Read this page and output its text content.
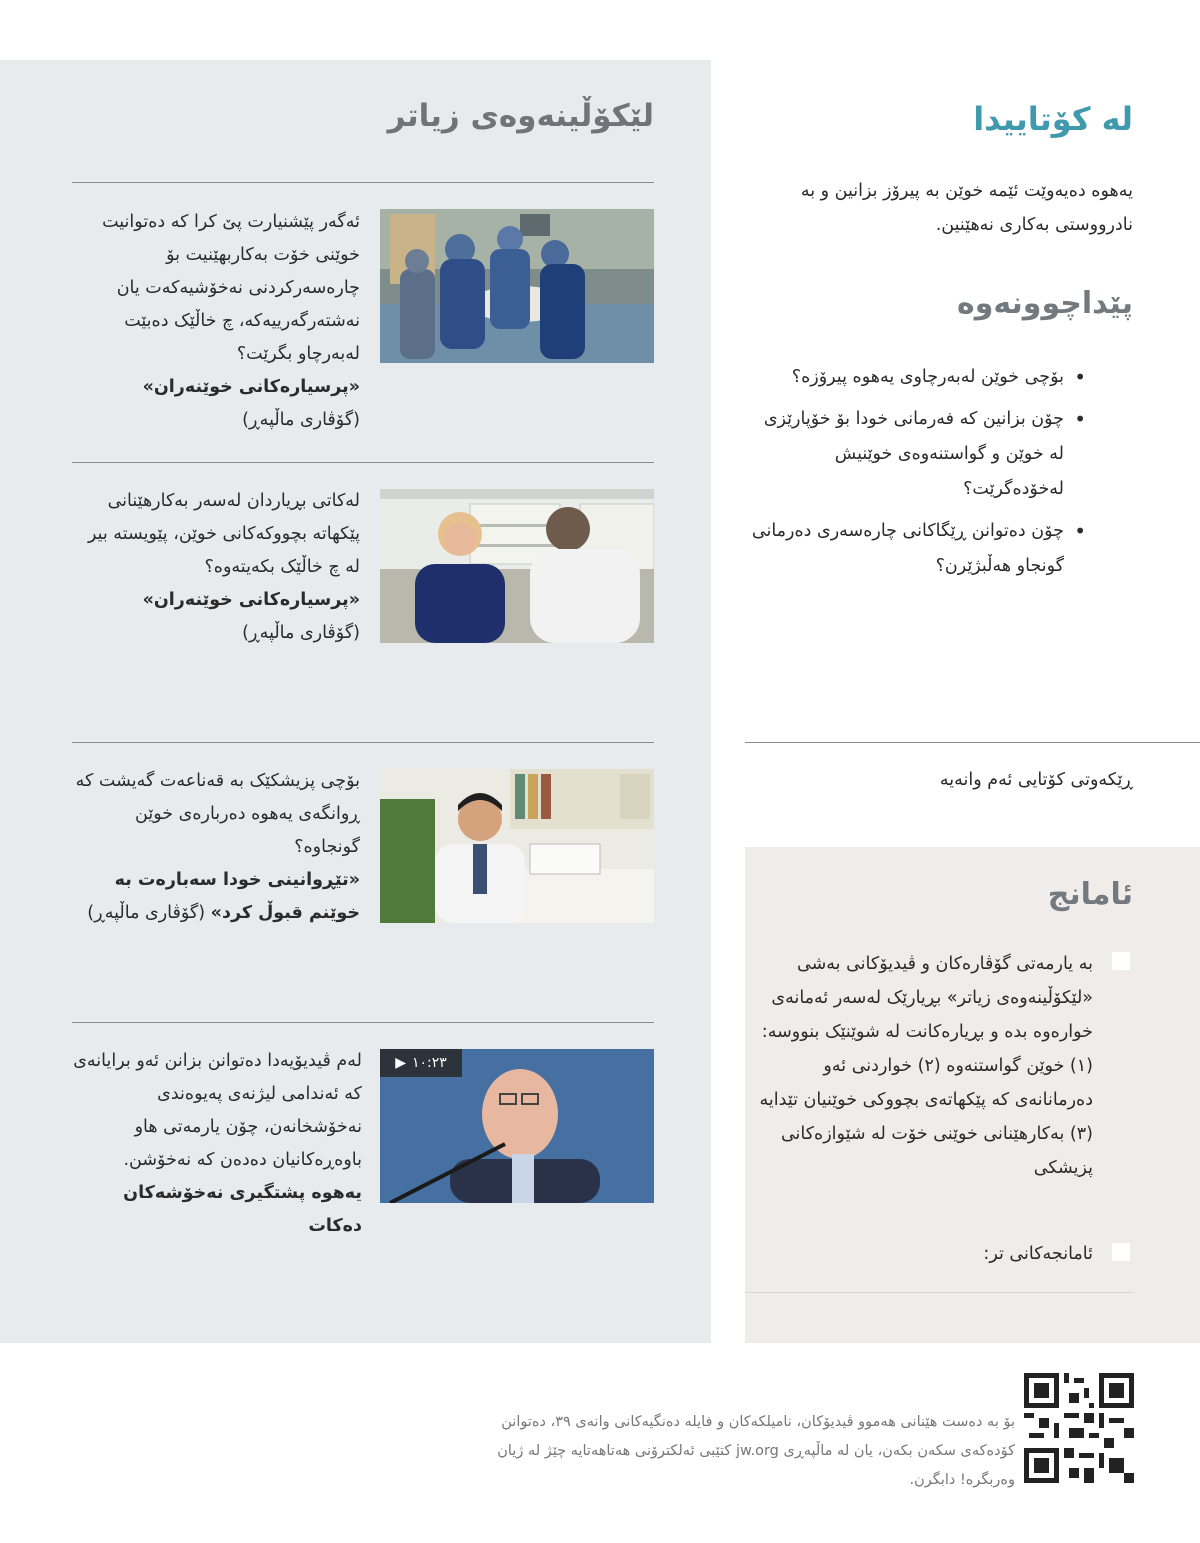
لێکۆڵینەوەی زیاتر
ئەگەر پێشنیارت پێ کرا کە دەتوانیت خوێنی خۆت بەکاربهێنیت بۆ چارەسەرکردنی نەخۆشیەکەت یان نەشتەرگەرییەکە، چ خاڵێک دەبێت لەبەرچاو بگرێت؟
«پرسیارەکانی خوێنەران»
(گۆڤاری ماڵپەڕ)
لەکاتی بڕیاردان لەسەر بەکارهێنانی پێکهاتە بچووکەکانی خوێن، پێویستە بیر لە چ خاڵێک بکەیتەوە؟
«پرسیارەکانی خوێنەران»
(گۆڤاری ماڵپەڕ)
بۆچی پزیشکێک بە قەناعەت گەیشت کە ڕوانگەی یەهوە دەربارەی خوێن گونجاوە؟
«تێڕوانینی خودا سەبارەت بە خوێنم قبوڵ کرد» (گۆڤاری ماڵپەڕ)
▶ ١٠:٢٣
لەم ڤیدیۆیەدا دەتوانن بزانن ئەو برایانەی کە ئەندامی لیژنەی پەیوەندی نەخۆشخانەن، چۆن یارمەتی هاو باوەڕەکانیان دەدەن کە نەخۆشن.
یەهوە پشتگیری نەخۆشەکان دەکات
لە کۆتاییدا
یەهوە دەیەوێت ئێمە خوێن بە پیرۆز بزانین و بە نادرووستی بەکاری نەهێنین.
پێداچوونەوە
• بۆچی خوێن لەبەرچاوی یەهوە پیرۆزە؟
• چۆن بزانین کە فەرمانی خودا بۆ خۆپارێزی لە خوێن و گواستنەوەی خوێنیش لەخۆدەگرێت؟
• چۆن دەتوانن ڕێگاکانی چارەسەری دەرمانی گونجاو هەڵبژێرن؟
ڕێکەوتی کۆتایی ئەم وانەیە
ئامانج
بە یارمەتی گۆڤارەکان و ڤیدیۆکانی بەشی «لێکۆڵینەوەی زیاتر» بڕیارێک لەسەر ئەمانەی خوارەوە بدە و بڕیارەکانت لە شوێنێک بنووسە: (١) خوێن گواستنەوە (٢) خواردنی ئەو دەرمانانەی کە پێکهاتەی بچووکی خوێنیان تێدایە (٣) بەکارهێنانی خوێنی خۆت لە شێوازەکانی پزیشکی
ئامانجەکانی تر:
بۆ بە دەست هێنانی هەموو ڤیدیۆکان، نامیلکەکان و فایلە دەنگیەکانی وانەی ٣٩، دەتوانن کۆدەکەی سکەن بکەن، یان لە ماڵپەڕی jw.org کتێبی ئەلکترۆنی هەتاهەتایە چێژ لە ژیان وەربگرە! دابگرن.
